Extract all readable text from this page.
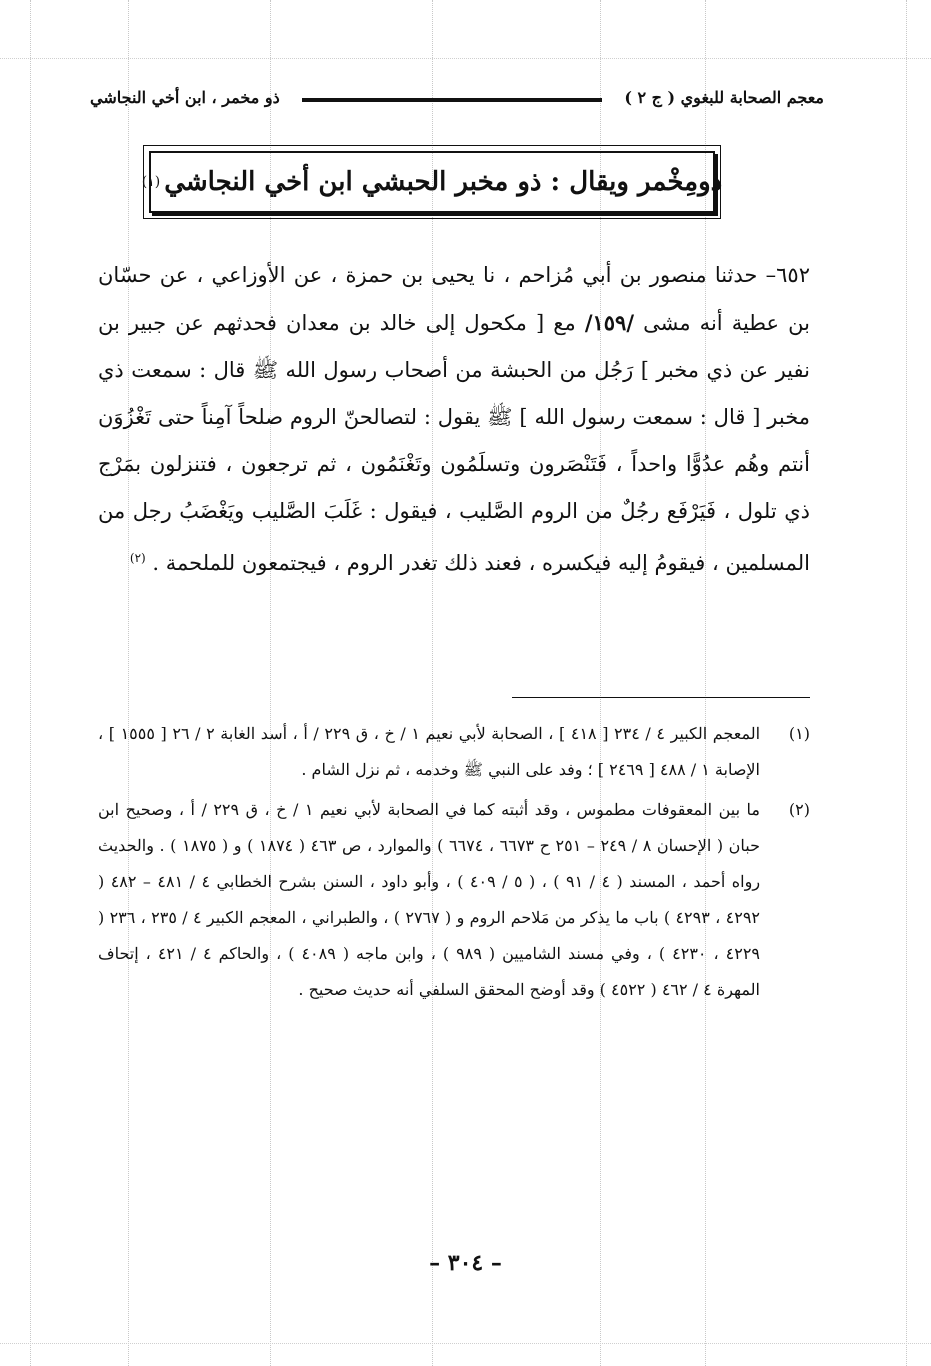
معجم الصحابة للبغوي ( ج ٢ )
ذو مخمر ، ابن أخي النجاشي
ذومِخْمر ويقال : ذو مخبر الحبشي ابن أخي النجاشي
(١)
٦٥٢– حدثنا منصور بن أبي مُزاحم ، نا يحيى بن حمزة ، عن الأوزاعي ، عن حسّان بن عطية أنه مشى /١٥٩/ مع [ مكحول إلى خالد بن معدان فحدثهم عن جبير بن نفير عن ذي مخبر ] رَجُل من الحبشة من أصحاب رسول الله ﷺ قال : سمعت ذي مخبر [ قال : سمعت رسول الله ] ﷺ يقول : لتصالحنّ الروم صلحاً آمِناً حتى تَغْزُوَن أنتم وهُم عدُوًّا واحداً ، فَتَنْصَرون وتسلَمُون وتَغْنَمُون ، ثم ترجعون ، فتنزلون بمَرْج ذي تلول ، فَيَرْفَع رجُلٌ من الروم الصَّليب ، فيقول : غَلَبَ الصَّليب ويَغْضَبُ رجل من المسلمين ، فيقومُ إليه فيكسره ، فعند ذلك تغدر الروم ، فيجتمعون للملحمة . $^{(٢)}$
(١)
المعجم الكبير ٤ / ٢٣٤ [ ٤١٨ ] ، الصحابة لأبي نعيم ١ / خ ، ق ٢٢٩ / أ ، أسد الغابة ٢ / ٢٦ [ ١٥٥٥ ] ، الإصابة ١ / ٤٨٨ [ ٢٤٦٩ ] ؛ وفد على النبي ﷺ وخدمه ، ثم نزل الشام .
(٢)
ما بين المعقوفات مطموس ، وقد أثبته كما في الصحابة لأبي نعيم ١ / خ ، ق ٢٢٩ / أ ، وصحيح ابن حبان ( الإحسان ٨ / ٢٤٩ – ٢٥١ ح ٦٦٧٣ ، ٦٦٧٤ ) والموارد ، ص ٤٦٣ ( ١٨٧٤ ) و ( ١٨٧٥ ) . والحديث رواه أحمد ، المسند ( ٤ / ٩١ ) ، ( ٥ / ٤٠٩ ) ، وأبو داود ، السنن بشرح الخطابي ٤ / ٤٨١ – ٤٨٢ ( ٤٢٩٢ ، ٤٢٩٣ ) باب ما يذكر من مَلاحم الروم و ( ٢٧٦٧ ) ، والطبراني ، المعجم الكبير ٤ / ٢٣٥ ، ٢٣٦ ( ٤٢٢٩ ، ٤٢٣٠ ) ، وفي مسند الشاميين ( ٩٨٩ ) ، وابن ماجه ( ٤٠٨٩ ) ، والحاكم ٤ / ٤٢١ ، إتحاف المهرة ٤ / ٤٦٢ ( ٤٥٢٢ ) وقد أوضح المحقق السلفي أنه حديث صحيح .
– ٣٠٤ –
